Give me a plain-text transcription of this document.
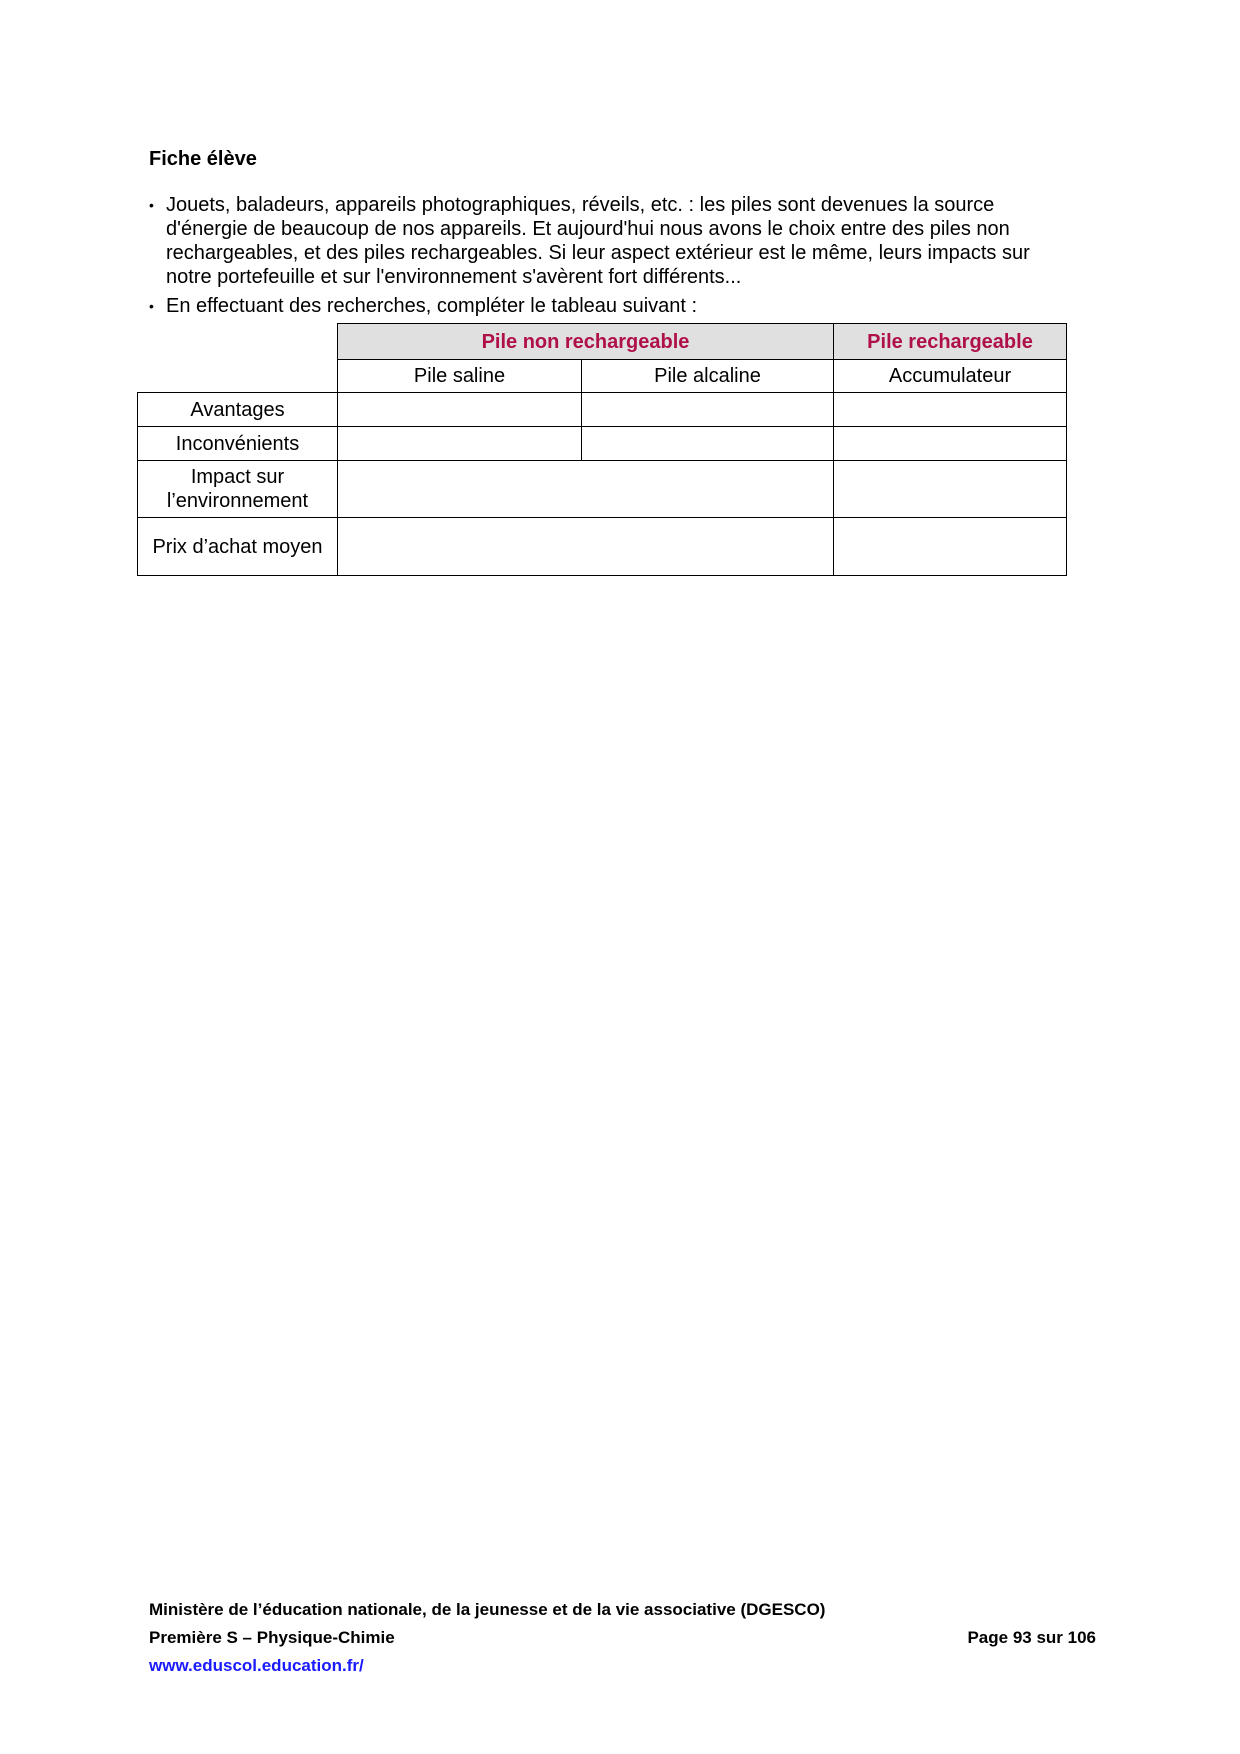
Fiche élève
• Jouets, baladeurs, appareils photographiques, réveils, etc. : les piles sont devenues la source d'énergie de beaucoup de nos appareils. Et aujourd'hui nous avons le choix entre des piles non rechargeables, et des piles rechargeables. Si leur aspect extérieur est le même, leurs impacts sur notre portefeuille et sur l'environnement s'avèrent fort différents...
• En effectuant des recherches, compléter le tableau suivant :
	Pile non rechargeable		Pile rechargeable
	Pile saline	Pile alcaline	Accumulateur
Avantages			
Inconvénients			
Impact sur l’environnement			
Prix d’achat moyen			
Ministère de l’éducation nationale, de la jeunesse et de la vie associative (DGESCO)
Première S – Physique-Chimie	Page 93 sur 106
www.eduscol.education.fr/
